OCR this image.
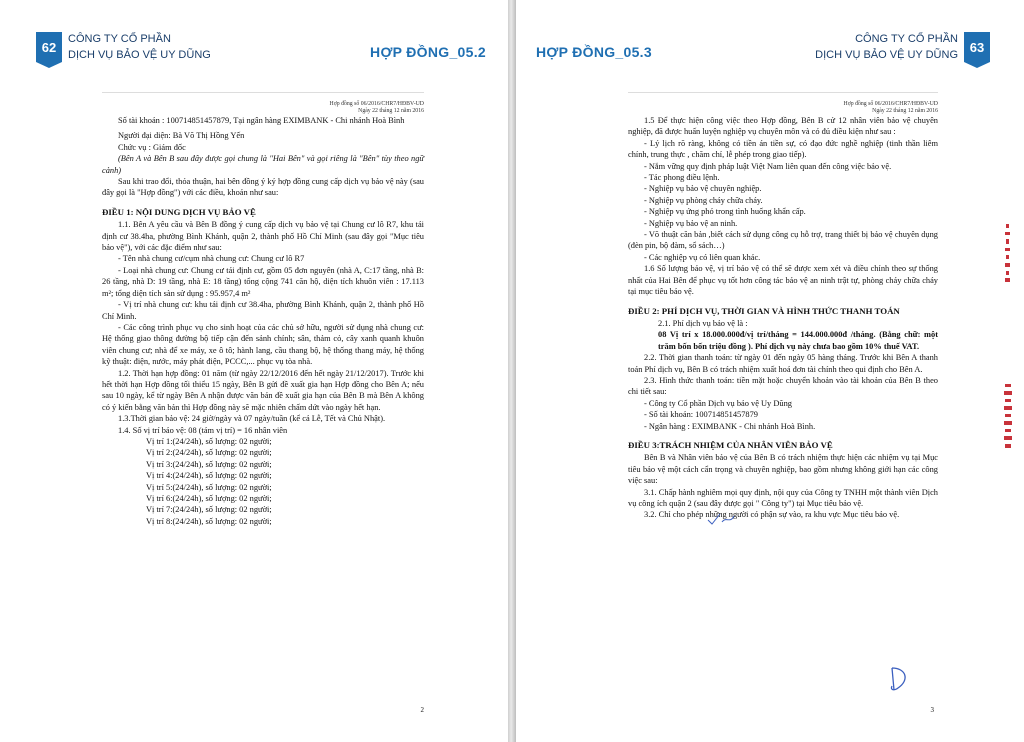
62
CÔNG TY CỔ PHẦN
DỊCH VỤ BẢO VỆ UY DŨNG	HỢP ĐỒNG_05.2
Hợp đồng số 06/2016/CHR7/HĐBV-UD
Ngày 22 tháng 12 năm 2016

Số tài khoản : 100714851457879, Tại ngân hàng EXIMBANK - Chi nhánh Hoà Bình

Người đại diện: Bà Võ Thị Hồng Yến

Chức vụ : Giám đốc

(Bên A và Bên B sau đây được gọi chung là "Hai Bên" và gọi riêng là "Bên" tùy theo ngữ cảnh)

Sau khi trao đổi, thỏa thuận, hai bên đồng ý ký hợp đồng cung cấp dịch vụ bảo vệ này (sau đây gọi là "Hợp đồng") với các điều, khoản như sau:

ĐIỀU 1: NỘI DUNG DỊCH VỤ BẢO VỆ

1.1. Bên A yêu cầu và Bên B đồng ý cung cấp dịch vụ bảo vệ tại Chung cư lô R7, khu tái định cư 38.4ha, phường Bình Khánh, quận 2, thành phố Hồ Chí Minh (sau đây gọi "Mục tiêu bảo vệ"), với các đặc điểm như sau:

- Tên nhà chung cư/cụm nhà chung cư: Chung cư lô R7

- Loại nhà chung cư: Chung cư tái định cư, gồm 05 đơn nguyên (nhà A, C:17 tầng, nhà B: 26 tầng, nhà D: 19 tầng, nhà E: 18 tầng) tổng cộng 741 căn hộ, diện tích khuôn viên : 17.113 m²; tổng diện tích sàn sử dụng : 95.957,4 m²

- Vị trí nhà chung cư: khu tái định cư 38.4ha, phường Bình Khánh, quận 2, thành phố Hồ Chí Minh.

- Các công trình phục vụ cho sinh hoạt của các chủ sở hữu, người sử dụng nhà chung cư: Hệ thống giao thông đường bộ tiếp cận đến sảnh chính; sân, thảm cỏ, cây xanh quanh khuôn viên chung cư; nhà để xe máy, xe ô tô; hành lang, cầu thang bộ, hệ thống thang máy, hệ thống kỹ thuật: điện, nước, máy phát điện, PCCC,... phục vụ tòa nhà.

1.2. Thời hạn hợp đồng: 01 năm (từ ngày 22/12/2016 đến hết ngày 21/12/2017). Trước khi hết thời hạn Hợp đồng tối thiểu 15 ngày, Bên B gửi đề xuất gia hạn Hợp đồng cho Bên A; nếu sau 10 ngày, kể từ ngày Bên A nhận được văn bản đề xuất gia hạn của Bên B mà Bên A không có ý kiến bằng văn bản thì Hợp đồng này sẽ mặc nhiên chấm dứt vào ngày hết hạn.

1.3.Thời gian bảo vệ: 24 giờ/ngày và 07 ngày/tuần (kể cả Lễ, Tết và Chủ Nhật).

1.4. Số vị trí bảo vệ: 08 (tám vị trí) = 16 nhân viên

Vị trí 1:(24/24h), số lượng: 02 người;

Vị trí 2:(24/24h), số lượng: 02 người;

Vị trí 3:(24/24h), số lượng: 02 người;

Vị trí 4:(24/24h), số lượng: 02 người;

Vị trí 5:(24/24h), số lượng: 02 người;

Vị trí 6:(24/24h), số lượng: 02 người;

Vị trí 7:(24/24h), số lượng: 02 người;

Vị trí 8:(24/24h), số lượng: 02 người;

2
63
CÔNG TY CỔ PHẦN
DỊCH VỤ BẢO VỆ UY DŨNG
HỢP ĐỒNG_05.3
Hợp đồng số 06/2016/CHR7/HĐBV-UD
Ngày 22 tháng 12 năm 2016

1.5 Để thực hiện công việc theo Hợp đồng, Bên B cử 12 nhân viên bảo vệ chuyên nghiệp, đã được huấn luyện nghiệp vụ chuyên môn và có đủ điều kiện như sau :

- Lý lịch rõ ràng, không có tiền án tiền sự, có đạo đức nghề nghiệp (tinh thần liêm chính, trung thực , chăm chỉ, lễ phép trong giao tiếp).

- Nắm vững quy định pháp luật Việt Nam liên quan đến công việc bảo vệ.

- Tác phong điều lệnh.

- Nghiệp vụ bảo vệ chuyên nghiệp.

- Nghiệp vụ phòng cháy chữa cháy.

- Nghiệp vụ ứng phó trong tình huống khẩn cấp.

- Nghiệp vụ bảo vệ an ninh.

- Võ thuật căn bản ,biết cách sử dụng công cụ hỗ trợ, trang thiết bị bảo vệ chuyên dụng (đèn pin, bộ đàm, sổ sách…)

- Các nghiệp vụ có liên quan khác.

1.6 Số lượng bảo vệ, vị trí bảo vệ có thể sẽ được xem xét và điều chỉnh theo sự thống nhất của Hai Bên để phục vụ tốt hơn công tác bảo vệ an ninh trật tự, phòng cháy chữa cháy tại mục tiêu bảo vệ.

ĐIỀU 2: PHÍ DỊCH VỤ, THỜI GIAN VÀ HÌNH THỨC THANH TOÁN

2.1. Phí dịch vụ bảo vệ là :

08 Vị trí x 18.000.000đ/vị trí/tháng = 144.000.000đ /tháng. (Bằng chữ: một trăm bốn bốn triệu đồng ). Phí dịch vụ này chưa bao gồm 10% thuế VAT.

2.2. Thời gian thanh toán: từ ngày 01 đến ngày 05 hàng tháng. Trước khi Bên A thanh toán Phí dịch vụ, Bên B có trách nhiệm xuất hoá đơn tài chính theo qui định cho Bên A.

2.3. Hình thức thanh toán: tiền mặt hoặc chuyển khoản vào tài khoản của Bên B theo chi tiết sau:

- Công ty Cổ phần Dịch vụ bảo vệ Uy Dũng

- Số tài khoản: 100714851457879

- Ngân hàng : EXIMBANK - Chi nhánh Hoà Bình.

ĐIỀU 3:TRÁCH NHIỆM CỦA NHÂN VIÊN BẢO VỆ

Bên B và Nhân viên bảo vệ của Bên B có trách nhiệm thực hiện các nhiệm vụ tại Mục tiêu bảo vệ một cách cẩn trọng và chuyên nghiệp, bao gồm nhưng không giới hạn các công việc sau:

3.1. Chấp hành nghiêm mọi quy định, nội quy của Công ty TNHH một thành viên Dịch vụ công ích quận 2 (sau đây được gọi " Công ty") tại Mục tiêu bảo vệ.

3.2. Chỉ cho phép những người có phận sự vào, ra khu vực Mục tiêu bảo vệ.

3
